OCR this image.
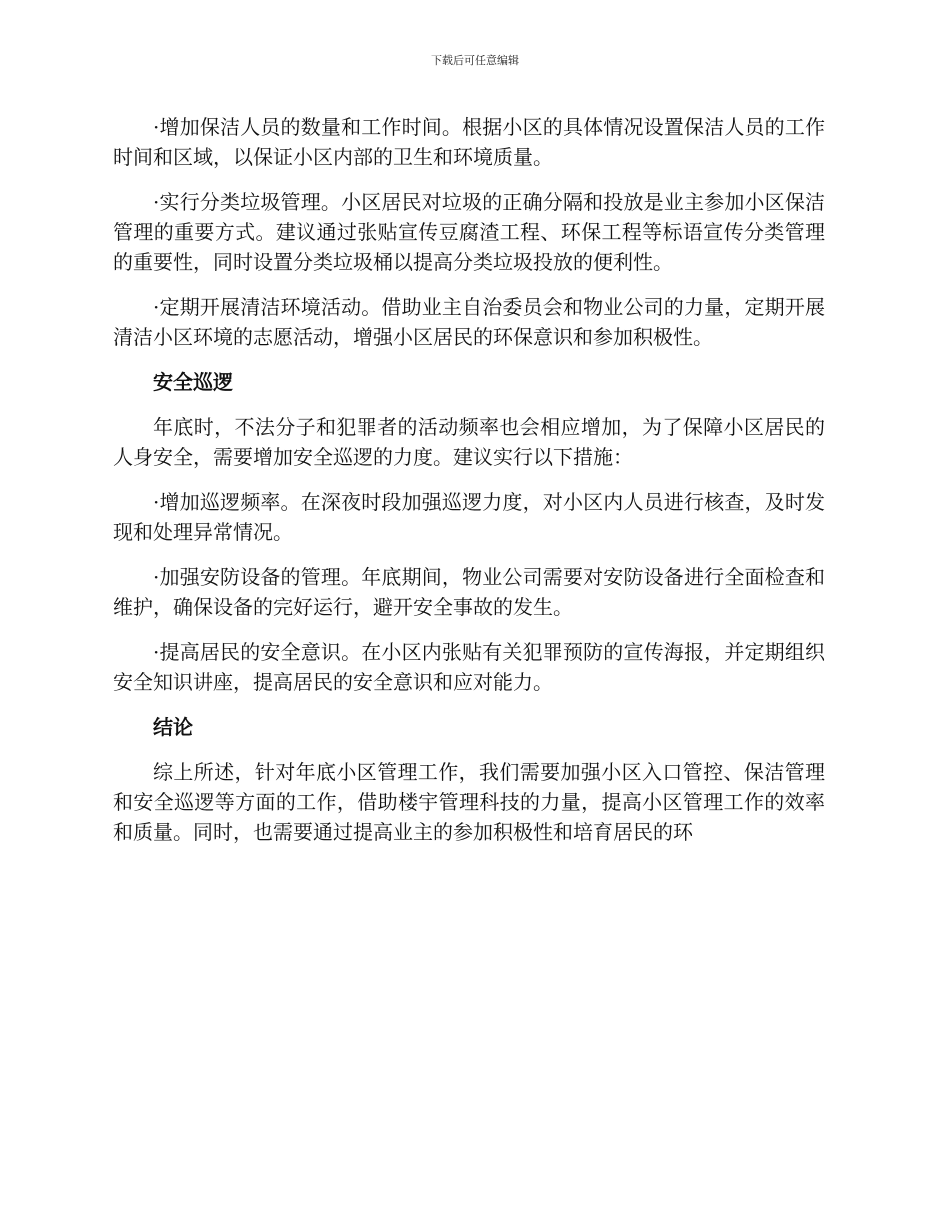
下载后可任意编辑

·增加保洁人员的数量和工作时间。根据小区的具体情况设置保洁人员的工作时间和区域，以保证小区内部的卫生和环境质量。

·实行分类垃圾管理。小区居民对垃圾的正确分隔和投放是业主参加小区保洁管理的重要方式。建议通过张贴宣传豆腐渣工程、环保工程等标语宣传分类管理的重要性，同时设置分类垃圾桶以提高分类垃圾投放的便利性。

·定期开展清洁环境活动。借助业主自治委员会和物业公司的力量，定期开展清洁小区环境的志愿活动，增强小区居民的环保意识和参加积极性。

安全巡逻

年底时，不法分子和犯罪者的活动频率也会相应增加，为了保障小区居民的人身安全，需要增加安全巡逻的力度。建议实行以下措施：

·增加巡逻频率。在深夜时段加强巡逻力度，对小区内人员进行核查，及时发现和处理异常情况。

·加强安防设备的管理。年底期间，物业公司需要对安防设备进行全面检查和维护，确保设备的完好运行，避开安全事故的发生。

·提高居民的安全意识。在小区内张贴有关犯罪预防的宣传海报，并定期组织安全知识讲座，提高居民的安全意识和应对能力。

结论

综上所述，针对年底小区管理工作，我们需要加强小区入口管控、保洁管理和安全巡逻等方面的工作，借助楼宇管理科技的力量，提高小区管理工作的效率和质量。同时，也需要通过提高业主的参加积极性和培育居民的环
